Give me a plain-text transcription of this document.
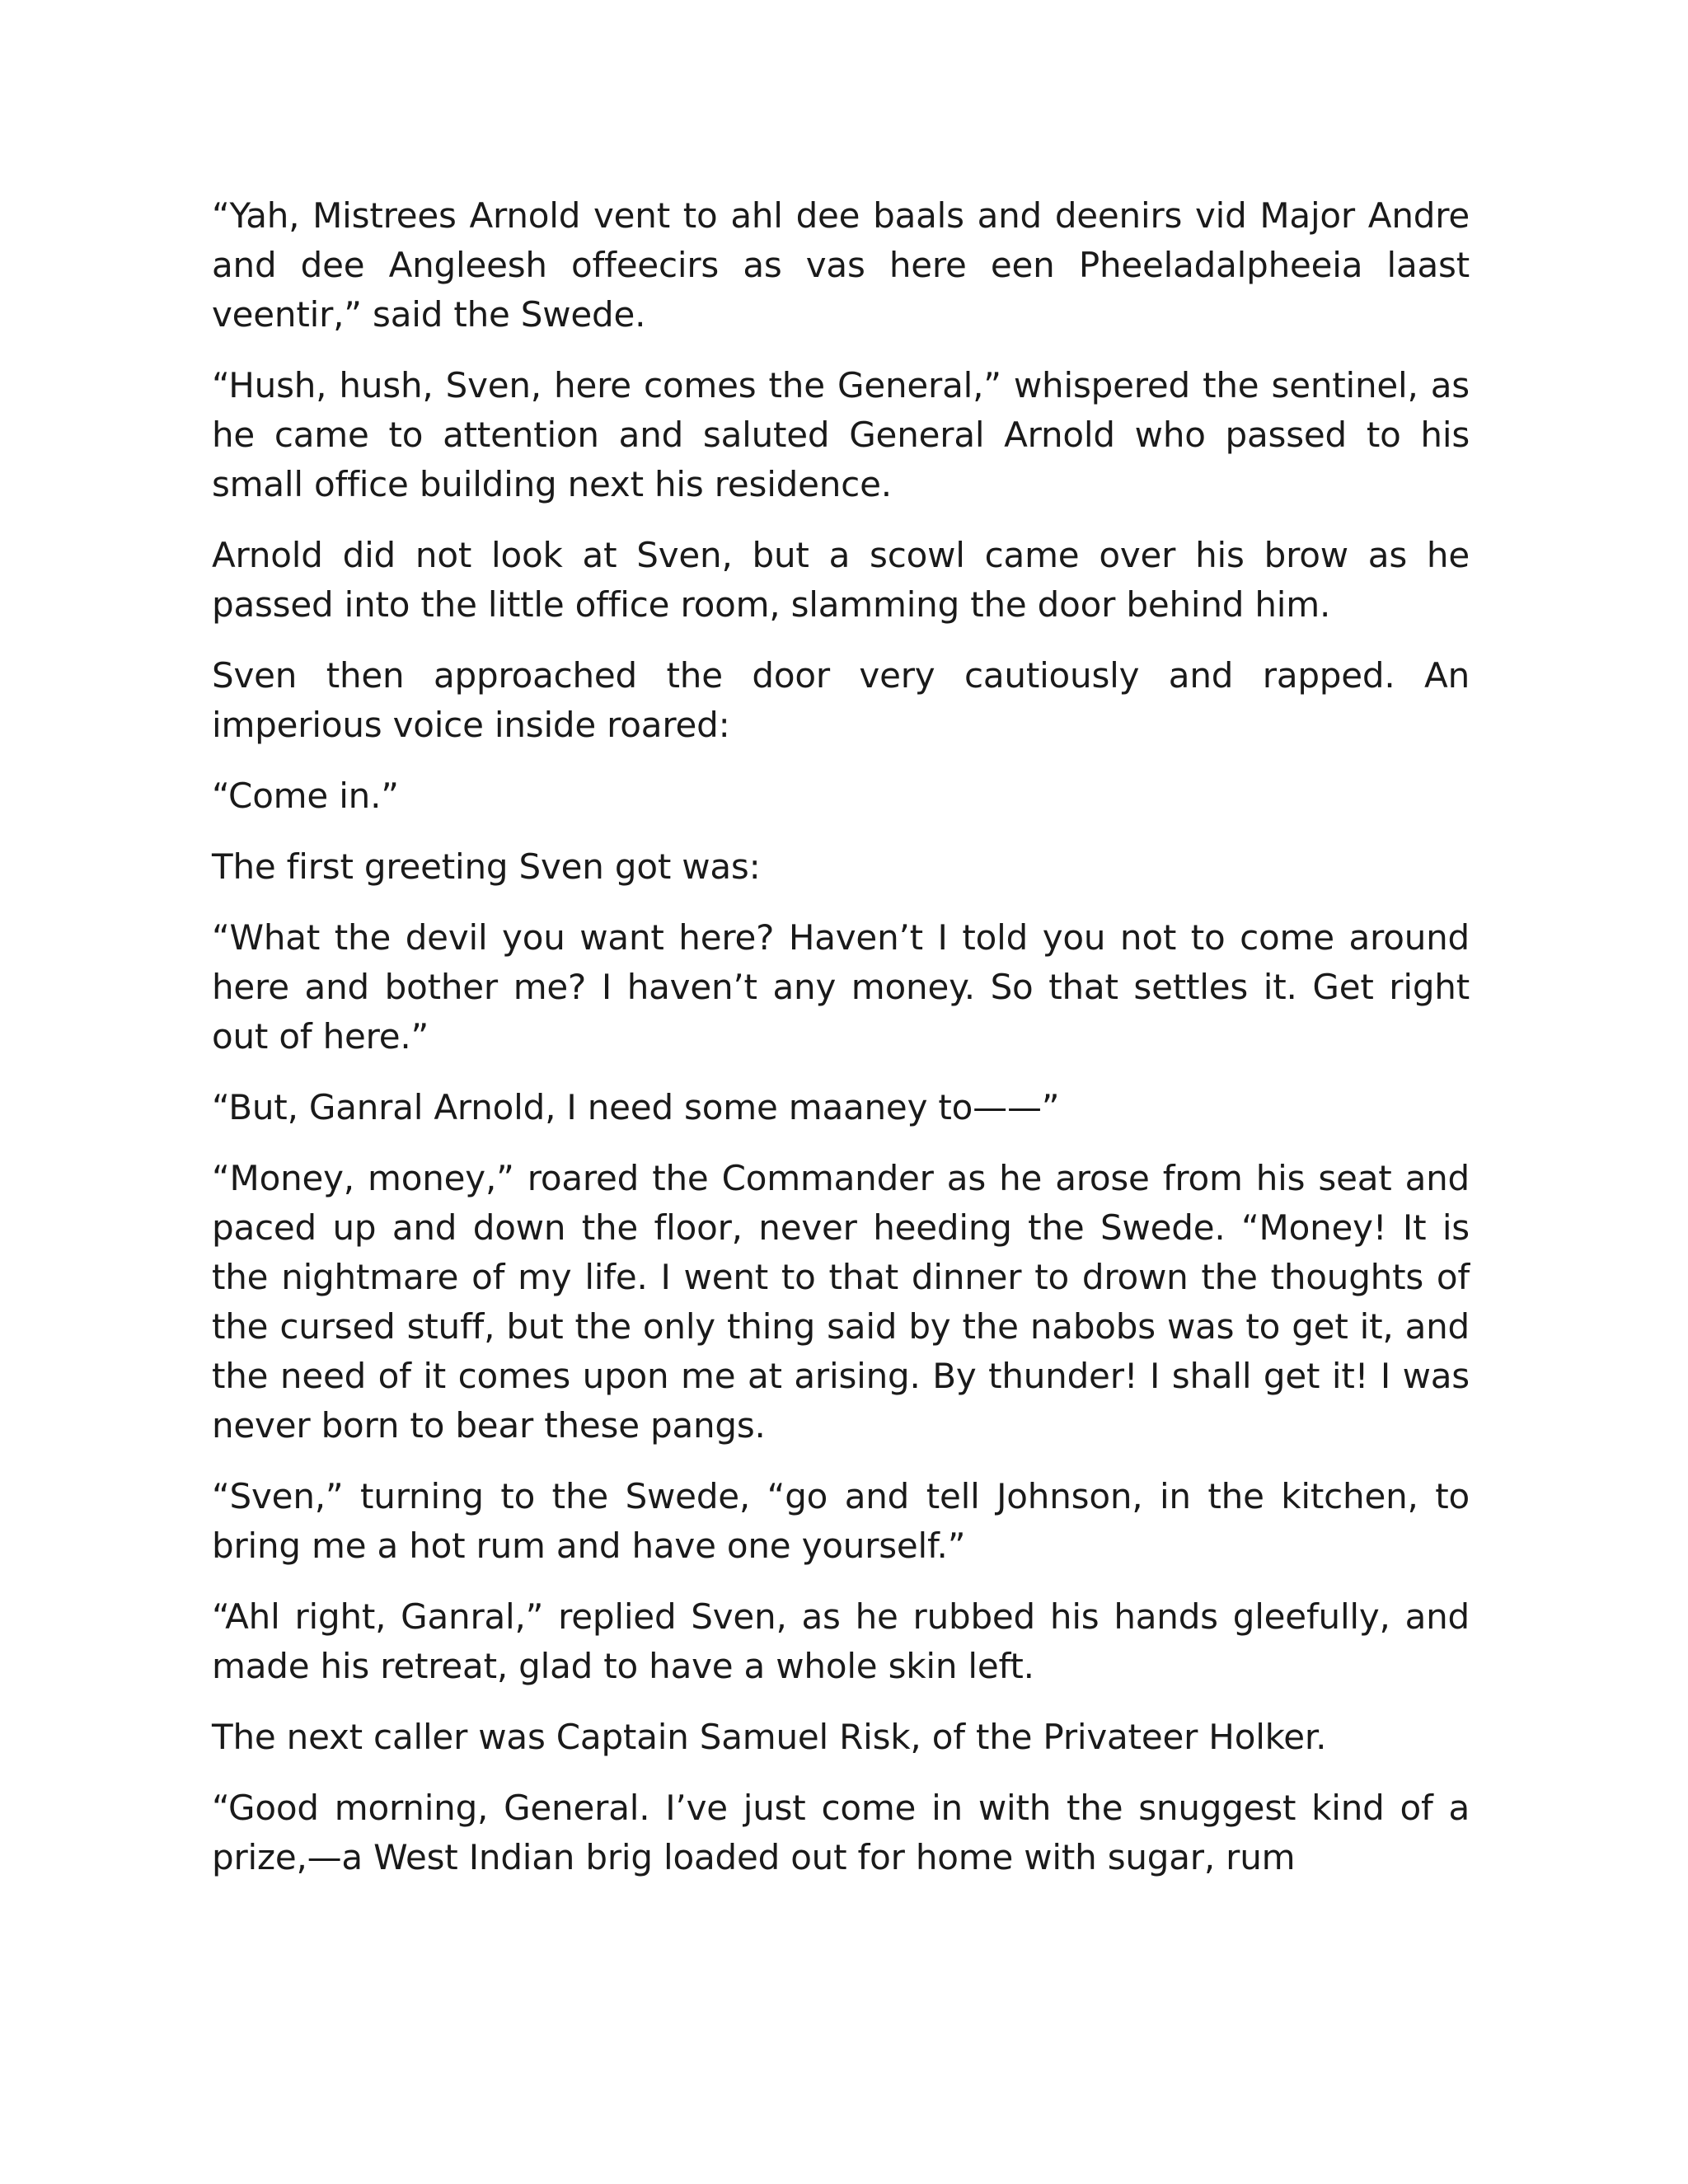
“Yah, Mistrees Arnold vent to ahl dee baals and deenirs vid Major Andre and dee Angleesh offeecirs as vas here een Pheeladalpheeia laast veentir,” said the Swede.

“Hush, hush, Sven, here comes the General,” whispered the sentinel, as he came to attention and saluted General Arnold who passed to his small office building next his residence.

Arnold did not look at Sven, but a scowl came over his brow as he passed into the little office room, slamming the door behind him.

Sven then approached the door very cautiously and rapped. An imperious voice inside roared:

“Come in.”

The first greeting Sven got was:

“What the devil you want here? Haven’t I told you not to come around here and bother me? I haven’t any money. So that settles it. Get right out of here.”

“But, Ganral Arnold, I need some maaney to——”

“Money, money,” roared the Commander as he arose from his seat and paced up and down the floor, never heeding the Swede. “Money! It is the nightmare of my life. I went to that dinner to drown the thoughts of the cursed stuff, but the only thing said by the nabobs was to get it, and the need of it comes upon me at arising. By thunder! I shall get it! I was never born to bear these pangs.

“Sven,” turning to the Swede, “go and tell Johnson, in the kitchen, to bring me a hot rum and have one yourself.”

“Ahl right, Ganral,” replied Sven, as he rubbed his hands gleefully, and made his retreat, glad to have a whole skin left.

The next caller was Captain Samuel Risk, of the Privateer Holker.

“Good morning, General. I’ve just come in with the snuggest kind of a prize,—a West Indian brig loaded out for home with sugar, rum
